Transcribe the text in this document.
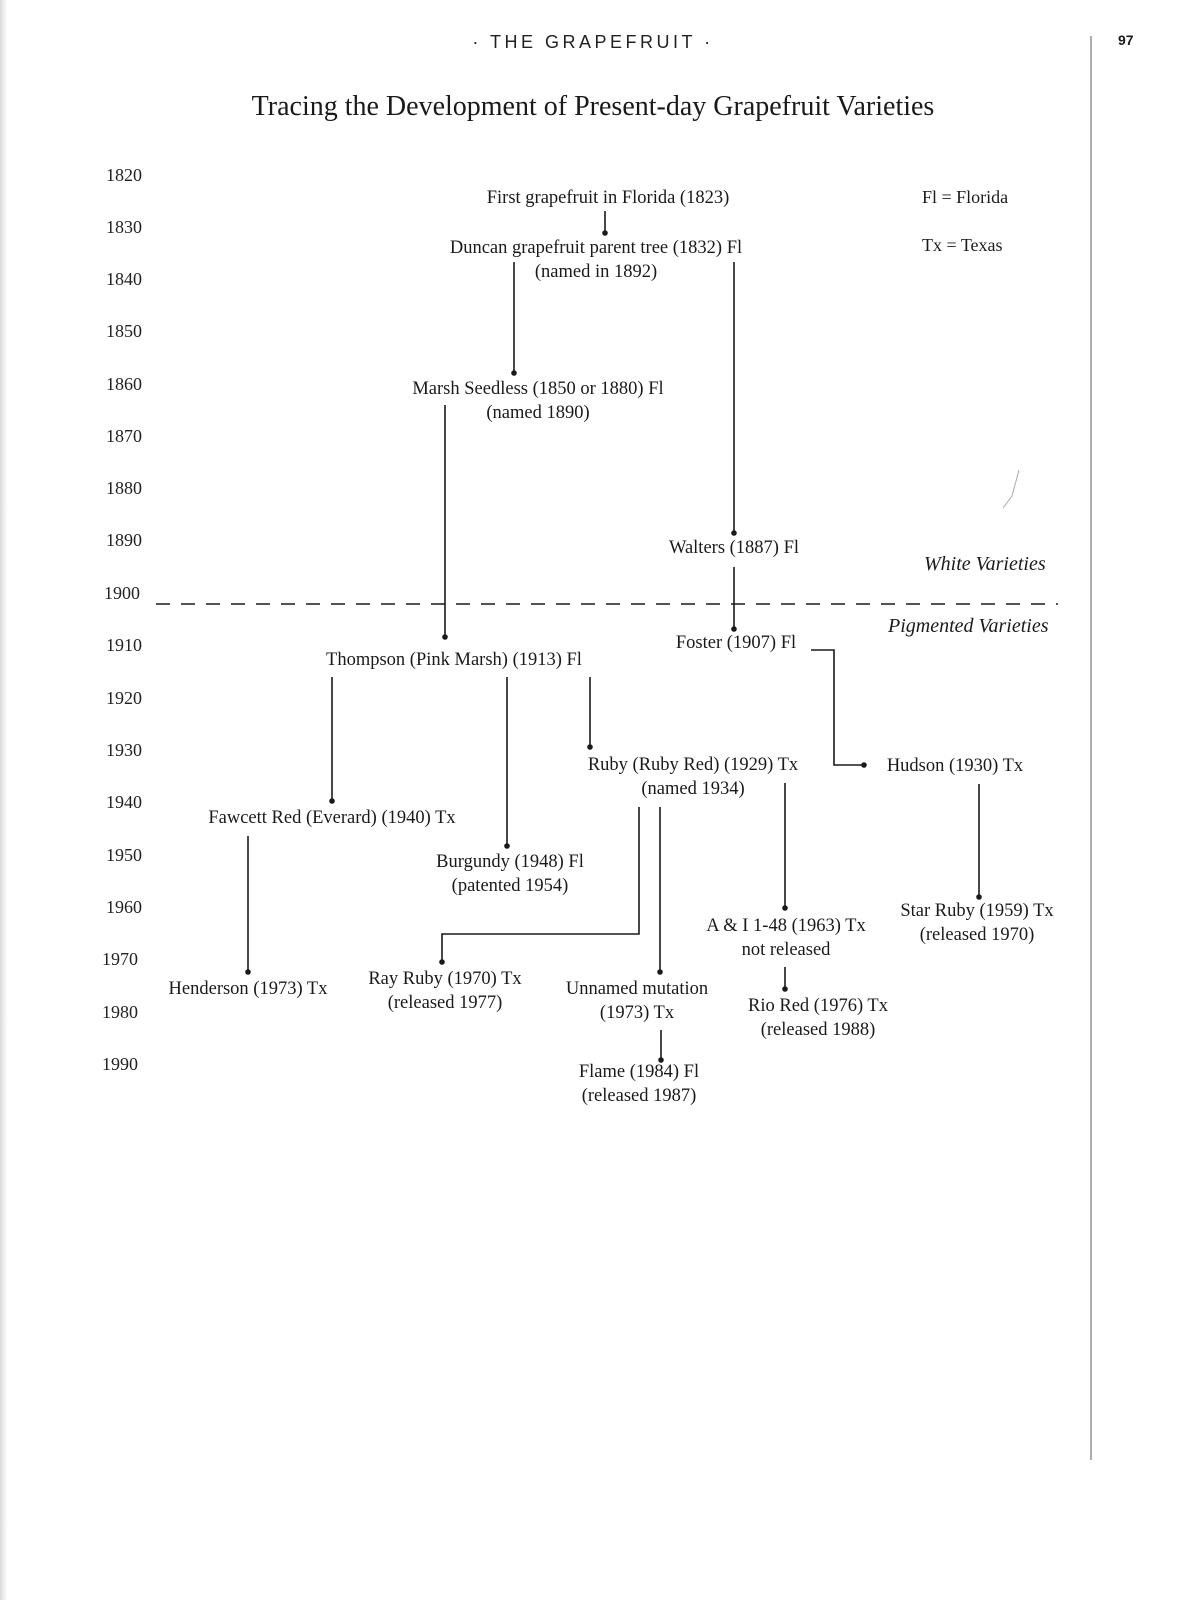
· THE GRAPEFRUIT ·	97
Tracing the Development of Present-day Grapefruit Varieties
1820
1830
1840
1850
1860
1870
1880
1890
1900
1910
1920
1930
1940
1950
1960
1970
1980
1990
Fl = Florida
Tx = Texas
White Varieties
Pigmented Varieties
First grapefruit in Florida (1823)
Duncan grapefruit parent tree (1832) Fl
(named in 1892)
Marsh Seedless (1850 or 1880) Fl
(named 1890)
Walters (1887) Fl
Foster (1907) Fl
Thompson (Pink Marsh) (1913) Fl
Ruby (Ruby Red) (1929) Tx
(named 1934)
Hudson (1930) Tx
Fawcett Red (Everard) (1940) Tx
Burgundy (1948) Fl
(patented 1954)
A & I 1-48 (1963) Tx
not released
Star Ruby (1959) Tx
(released 1970)
Henderson (1973) Tx Ray Ruby (1970) Tx
(released 1977)
Unnamed mutation
(1973) Tx	Rio Red (1976) Tx
(released 1988)
Flame (1984) Fl
(released 1987)
